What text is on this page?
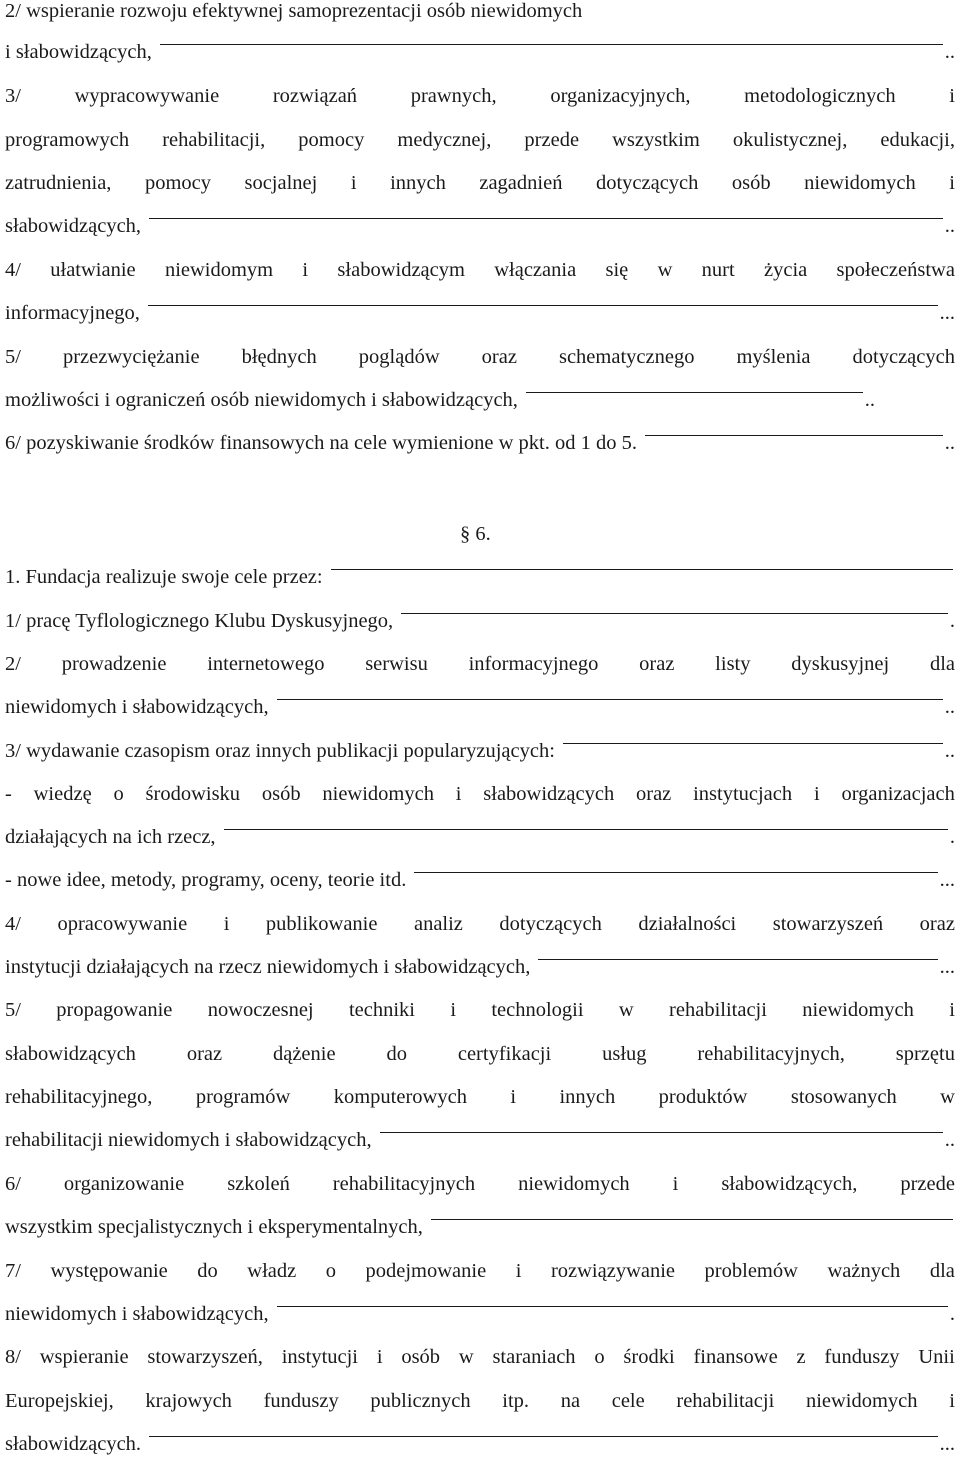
2/ wspieranie rozwoju efektywnej samoprezentacji osób niewidomych
i słabowidzących,	..
3/	wypracowywanie	rozwiązań	prawnych,	organizacyjnych,	metodologicznych	i
programowych rehabilitacji, pomocy medycznej, przede wszystkim okulistycznej, edukacji,
zatrudnienia, pomocy socjalnej i innych zagadnień dotyczących osób niewidomych i
słabowidzących,	..
4/ ułatwianie niewidomym i słabowidzącym włączania się w nurt życia społeczeństwa
informacyjnego,	...
5/ przezwyciężanie błędnych poglądów oraz schematycznego myślenia dotyczących
możliwości i ograniczeń osób niewidomych i słabowidzących,	..
6/ pozyskiwanie środków finansowych na cele wymienione w pkt. od 1 do 5.	..
§ 6.
1. Fundacja realizuje swoje cele przez:
1/ pracę Tyflologicznego Klubu Dyskusyjnego,	.
2/ prowadzenie internetowego serwisu informacyjnego oraz listy dyskusyjnej dla
niewidomych i słabowidzących,	..
3/ wydawanie czasopism oraz innych publikacji popularyzujących:	..
- wiedzę o środowisku osób niewidomych i słabowidzących oraz instytucjach i organizacjach
działających na ich rzecz,	.
- nowe idee, metody, programy, oceny, teorie itd.	...
4/ opracowywanie i publikowanie analiz dotyczących działalności stowarzyszeń oraz
instytucji działających na rzecz niewidomych i słabowidzących,	...
5/ propagowanie nowoczesnej techniki i technologii w rehabilitacji niewidomych i
słabowidzących oraz dążenie do certyfikacji usług rehabilitacyjnych, sprzętu
rehabilitacyjnego, programów komputerowych i innych produktów stosowanych w
rehabilitacji niewidomych i słabowidzących,	..
6/ organizowanie szkoleń rehabilitacyjnych niewidomych i słabowidzących, przede
wszystkim specjalistycznych i eksperymentalnych,
7/ występowanie do władz o podejmowanie i rozwiązywanie problemów ważnych dla
niewidomych i słabowidzących,	.
8/ wspieranie stowarzyszeń, instytucji i osób w staraniach o środki finansowe z funduszy Unii
Europejskiej, krajowych funduszy publicznych itp. na cele rehabilitacji niewidomych i
słabowidzących.	...
